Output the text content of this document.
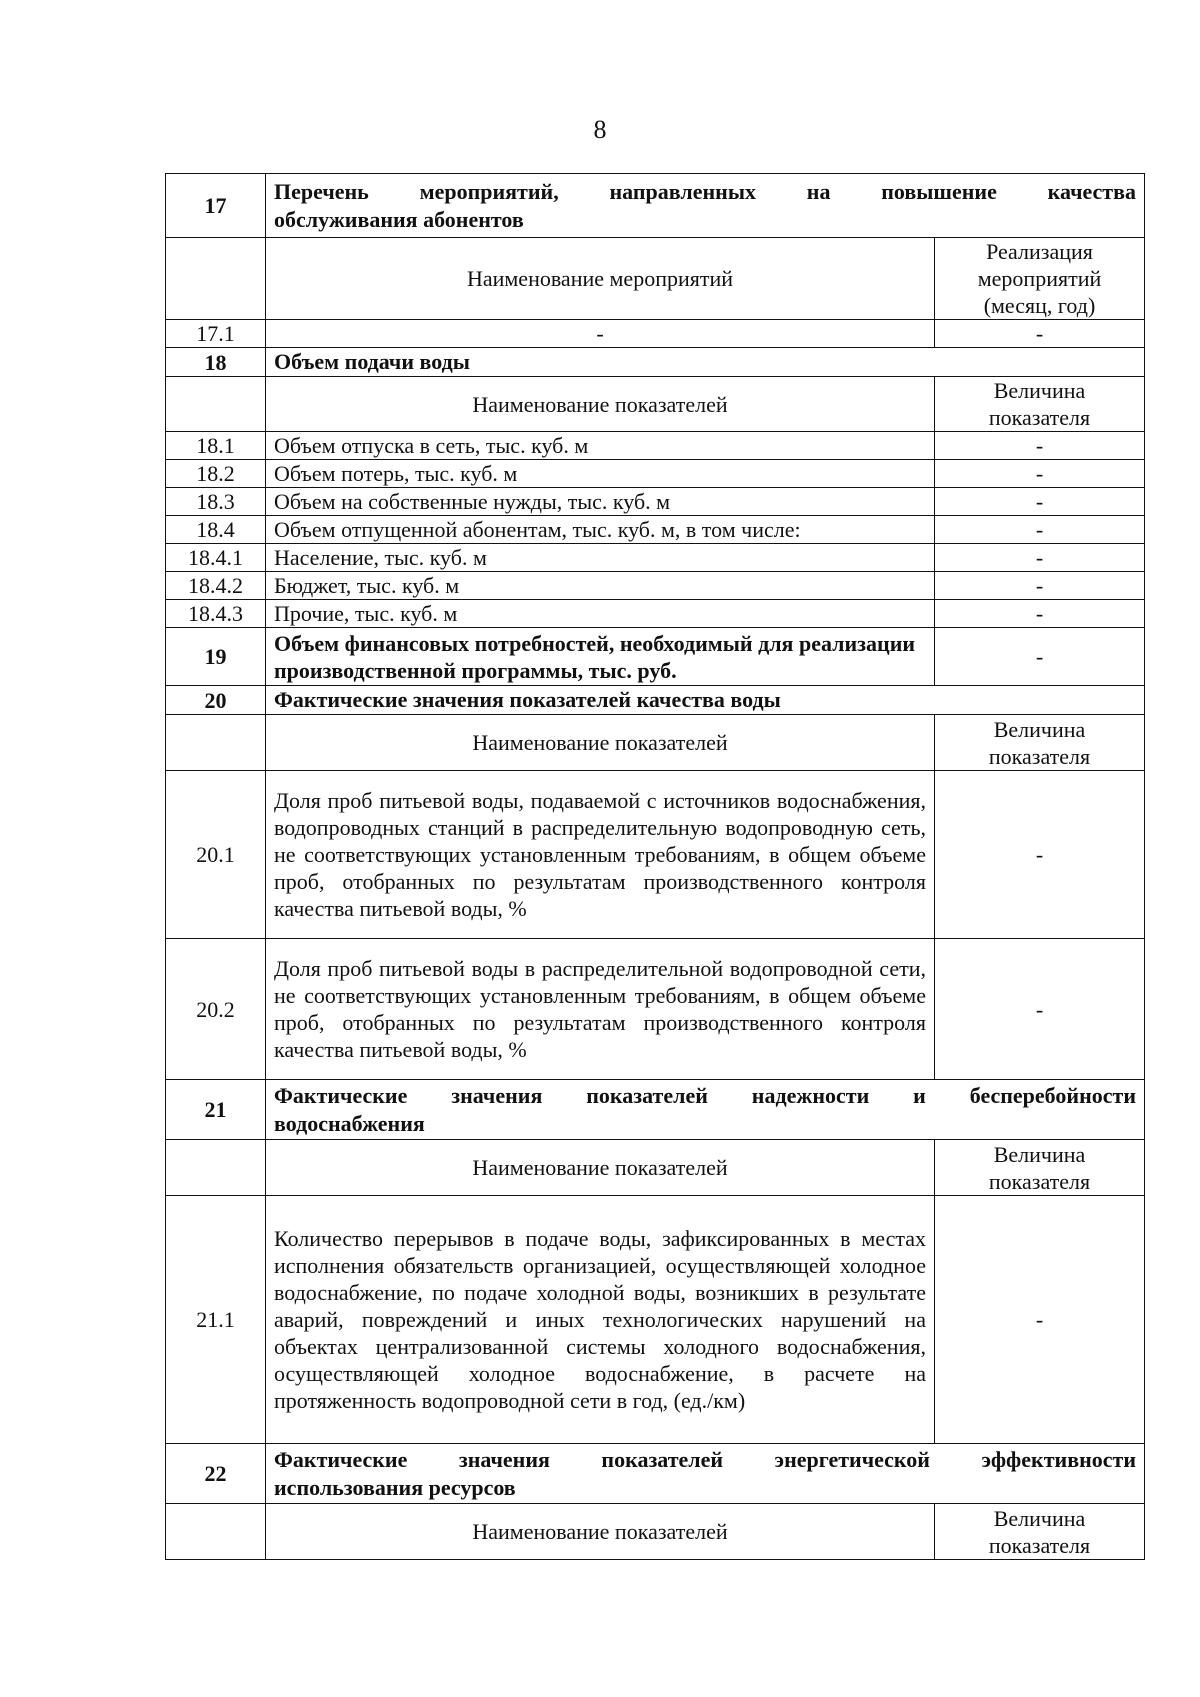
8
17	Перечень мероприятий, направленных на повышение качества
обслуживания абонентов	
	Наименование мероприятий	Реализация мероприятий (месяц, год)
17.1	-	-
18	Объем подачи воды	
	Наименование показателей	Величина показателя
18.1	Объем отпуска в сеть, тыс. куб. м	-
18.2	Объем потерь, тыс. куб. м	-
18.3	Объем на собственные нужды, тыс. куб. м	-
18.4	Объем отпущенной абонентам, тыс. куб. м, в том числе:	-
18.4.1	Население, тыс. куб. м	-
18.4.2	Бюджет, тыс. куб. м	-
18.4.3	Прочие, тыс. куб. м	-
19	Объем финансовых потребностей, необходимый для реализации производственной программы, тыс. руб.	-
20	Фактические значения показателей качества воды	
	Наименование показателей	Величина показателя
20.1	Доля проб питьевой воды, подаваемой с источников водоснабжения, водопроводных станций в распределительную водопроводную сеть, не соответствующих установленным требованиям, в общем объеме проб, отобранных по результатам производственного контроля качества питьевой воды, %	-
20.2	Доля проб питьевой воды в распределительной водопроводной сети, не соответствующих установленным требованиям, в общем объеме проб, отобранных по результатам производственного контроля качества питьевой воды, %	-
21	Фактические значения показателей надежности и бесперебойности
водоснабжения	
	Наименование показателей	Величина показателя
21.1	Количество перерывов в подаче воды, зафиксированных в местах исполнения обязательств организацией, осуществляющей холодное водоснабжение, по подаче холодной воды, возникших в результате аварий, повреждений и иных технологических нарушений на объектах централизованной системы холодного водоснабжения, осуществляющей холодное водоснабжение, в расчете на протяженность водопроводной сети в год, (ед./км)	-
22	Фактические значения показателей энергетической эффективности
использования ресурсов	
	Наименование показателей	Величина показателя
